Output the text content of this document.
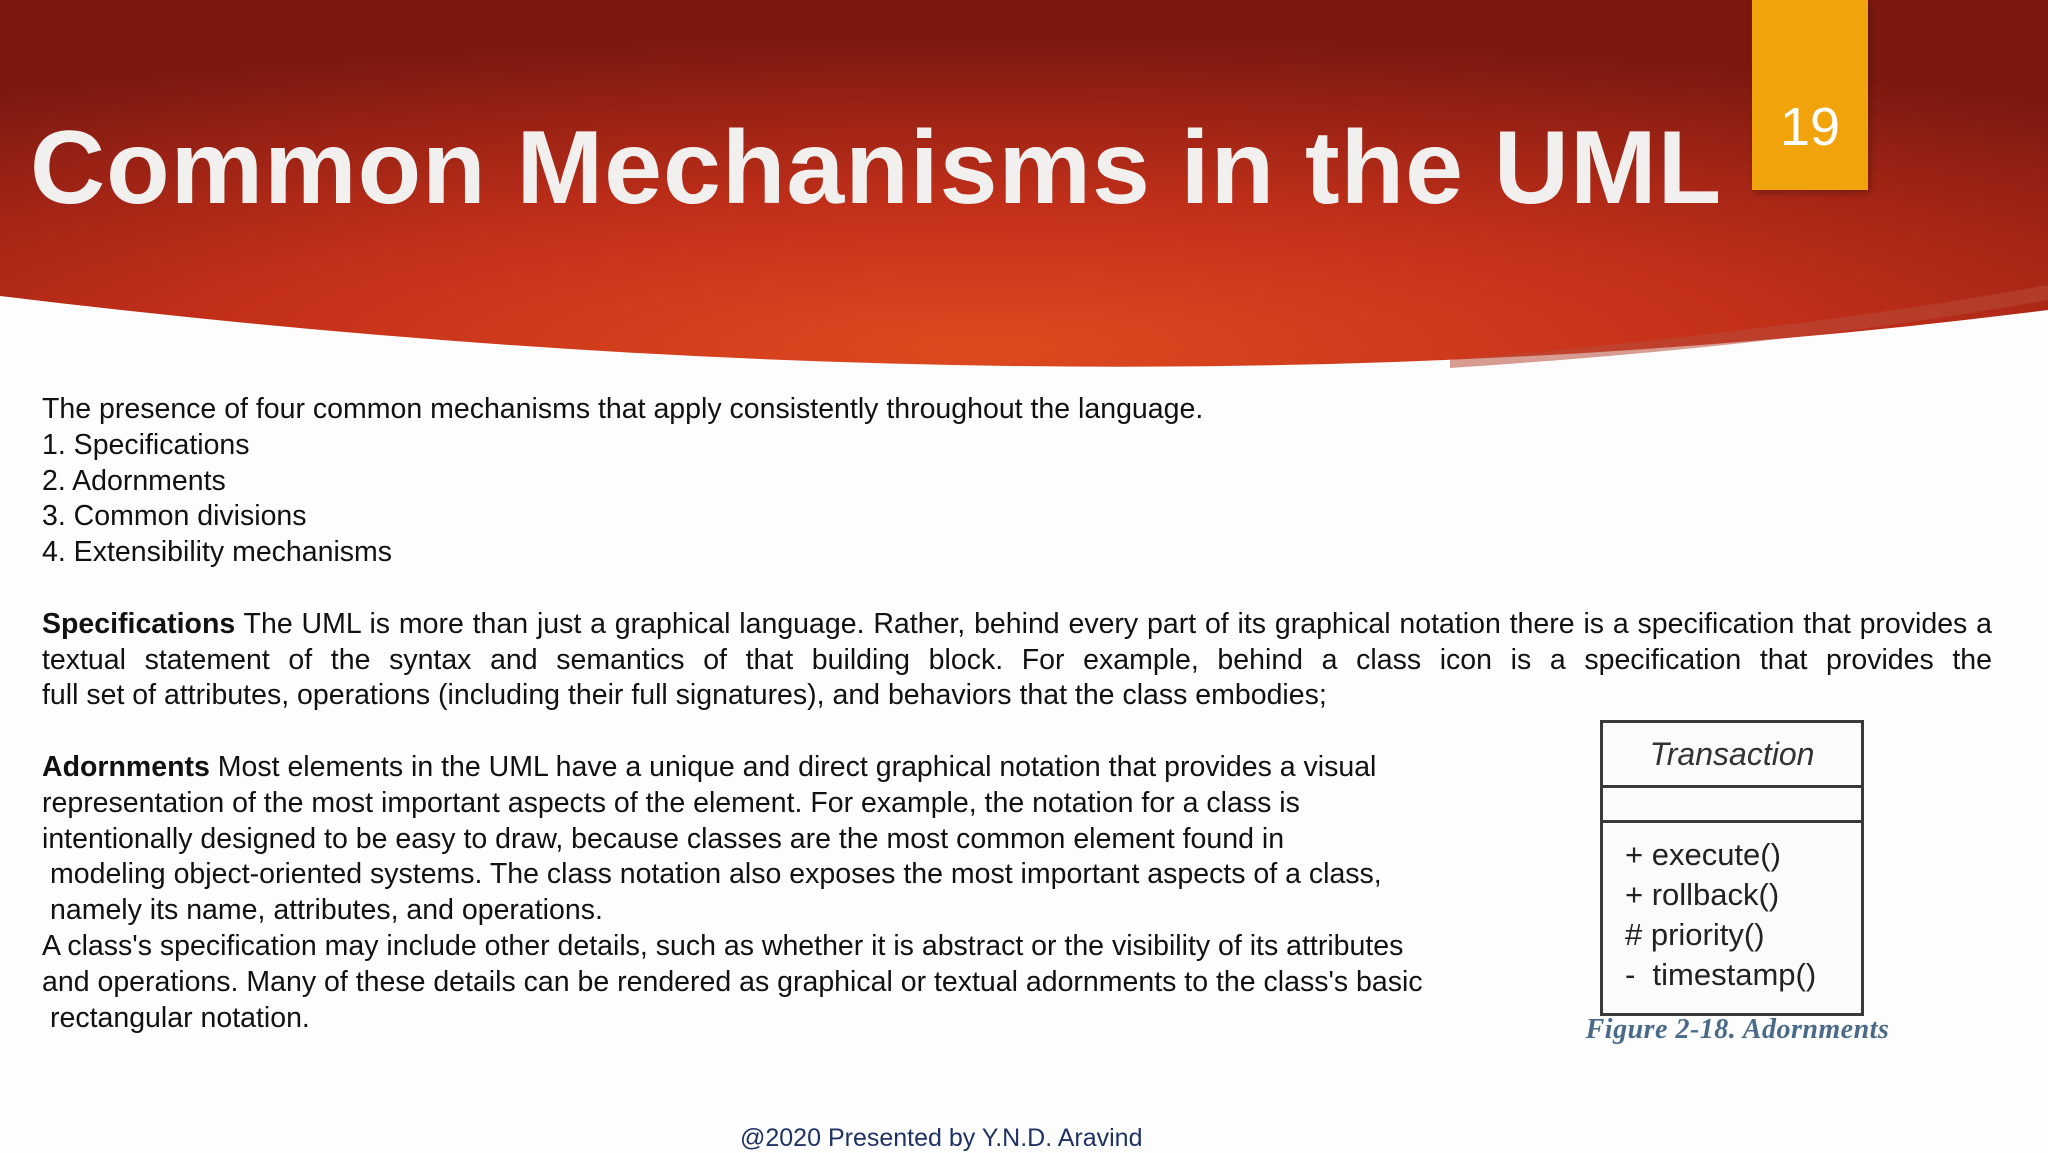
19
Common Mechanisms in the UML
The presence of four common mechanisms that apply consistently throughout the language.
1. Specifications
2. Adornments
3. Common divisions
4. Extensibility mechanisms
Specifications The UML is more than just a graphical language. Rather, behind every part of its graphical notation there is a specification that provides a textual statement of the syntax and semantics of that building block. For example, behind a class icon is a specification that provides the
full set of attributes, operations (including their full signatures), and behaviors that the class embodies;
Adornments Most elements in the UML have a unique and direct graphical notation that provides a visual
representation of the most important aspects of the element. For example, the notation for a class is
intentionally designed to be easy to draw, because classes are the most common element found in
modeling object-oriented systems. The class notation also exposes the most important aspects of a class,
namely its name, attributes, and operations.
A class's specification may include other details, such as whether it is abstract or the visibility of its attributes
and operations. Many of these details can be rendered as graphical or textual adornments to the class's basic
rectangular notation.
Transaction
+ execute()
+ rollback()
# priority()
-  timestamp()
Figure 2-18. Adornments
@2020 Presented by Y.N.D. Aravind
